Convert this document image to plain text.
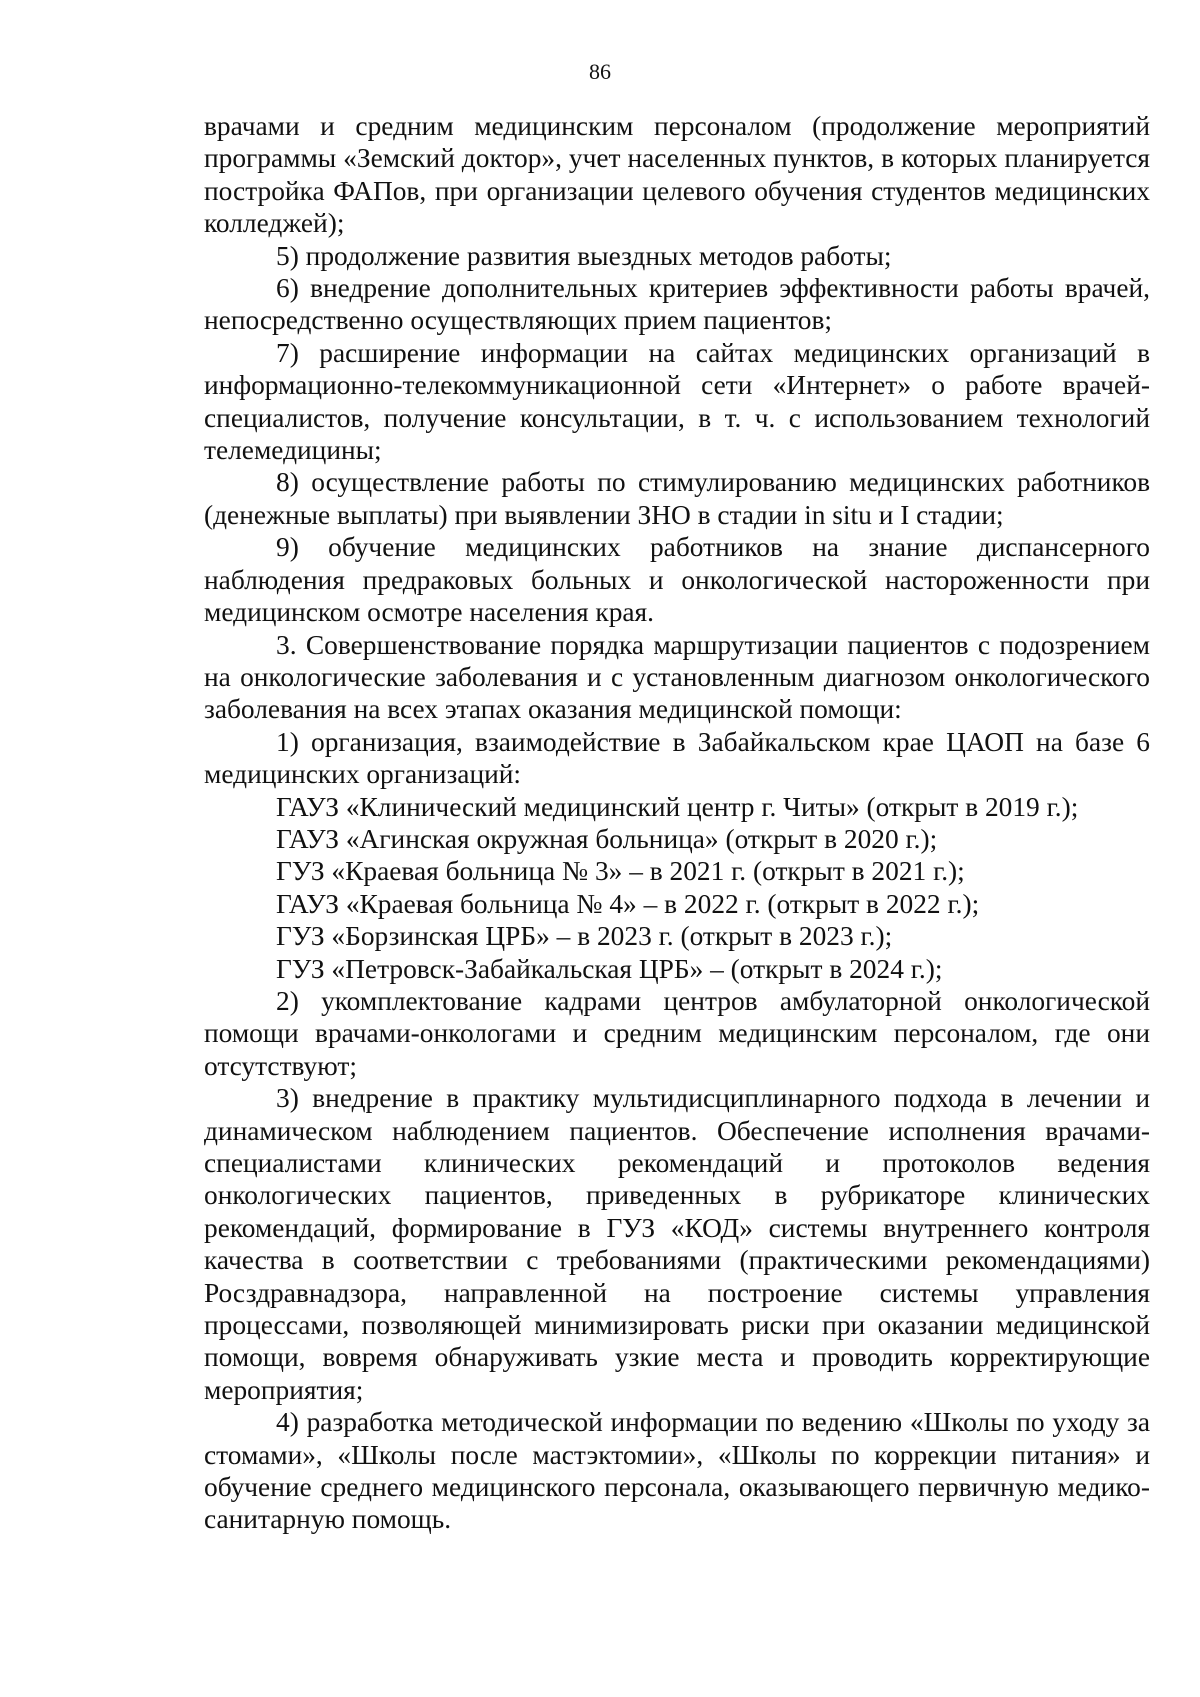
86

врачами и средним медицинским персоналом (продолжение мероприятий программы «Земский доктор», учет населенных пунктов, в которых планируется постройка ФАПов, при организации целевого обучения студентов медицинских колледжей);

5) продолжение развития выездных методов работы;

6) внедрение дополнительных критериев эффективности работы врачей, непосредственно осуществляющих прием пациентов;

7) расширение информации на сайтах медицинских организаций в информационно-телекоммуникационной сети «Интернет» о работе врачей-специалистов, получение консультации, в т. ч. с использованием технологий телемедицины;

8) осуществление работы по стимулированию медицинских работников (денежные выплаты) при выявлении ЗНО в стадии in situ и I стадии;

9) обучение медицинских работников на знание диспансерного наблюдения предраковых больных и онкологической настороженности при медицинском осмотре населения края.

3. Совершенствование порядка маршрутизации пациентов с подозрением на онкологические заболевания и с установленным диагнозом онкологического заболевания на всех этапах оказания медицинской помощи:

1) организация, взаимодействие в Забайкальском крае ЦАОП на базе 6 медицинских организаций:

ГАУЗ «Клинический медицинский центр г. Читы» (открыт в 2019 г.);

ГАУЗ «Агинская окружная больница» (открыт в 2020 г.);

ГУЗ «Краевая больница № 3» – в 2021 г. (открыт в 2021 г.);

ГАУЗ «Краевая больница № 4» – в 2022 г. (открыт в 2022 г.);

ГУЗ «Борзинская ЦРБ» – в 2023 г. (открыт в 2023 г.);

ГУЗ «Петровск-Забайкальская ЦРБ» – (открыт в 2024 г.);

2) укомплектование кадрами центров амбулаторной онкологической помощи врачами-онкологами и средним медицинским персоналом, где они отсутствуют;

3) внедрение в практику мультидисциплинарного подхода в лечении и динамическом наблюдением пациентов. Обеспечение исполнения врачами-специалистами клинических рекомендаций и протоколов ведения онкологических пациентов, приведенных в рубрикаторе клинических рекомендаций, формирование в ГУЗ «КОД» системы внутреннего контроля качества в соответствии с требованиями (практическими рекомендациями) Росздравнадзора, направленной на построение системы управления процессами, позволяющей минимизировать риски при оказании медицинской помощи, вовремя обнаруживать узкие места и проводить корректирующие мероприятия;

4) разработка методической информации по ведению «Школы по уходу за стомами», «Школы после мастэктомии», «Школы по коррекции питания» и обучение среднего медицинского персонала, оказывающего первичную медико-санитарную помощь.
